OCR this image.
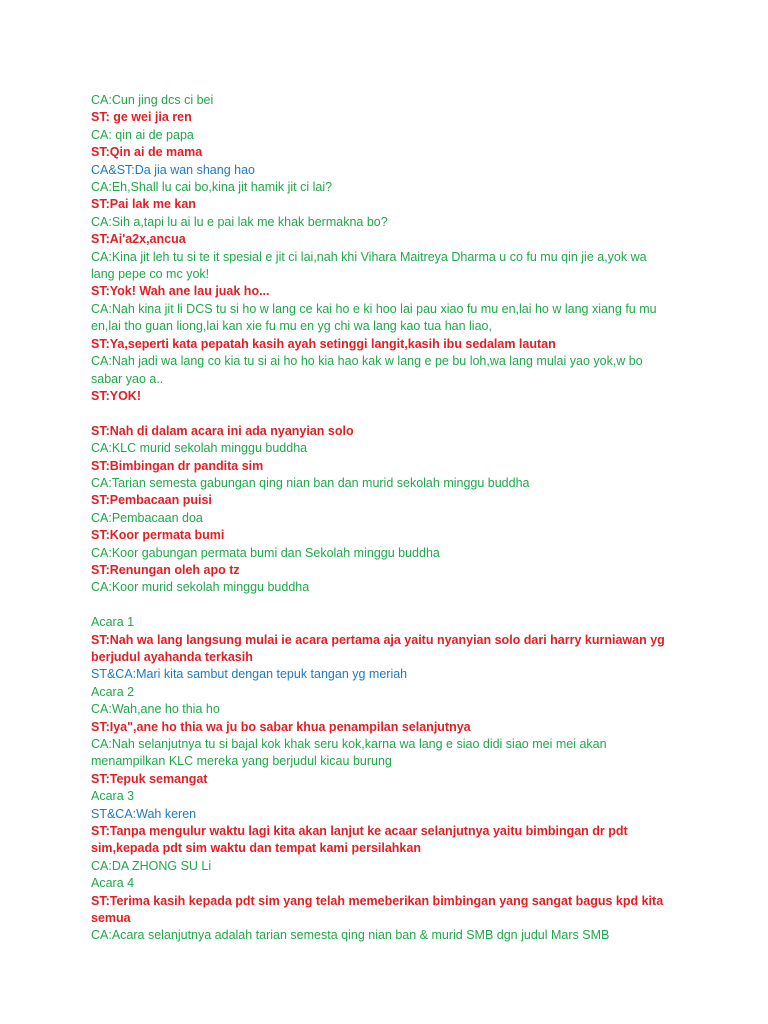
CA:Cun jing dcs ci bei
ST: ge wei jia ren
CA: qin ai de papa
ST:Qin ai de mama
CA&ST:Da jia wan shang hao
CA:Eh,Shall lu cai bo,kina jit hamik jit ci lai?
ST:Pai lak me kan
CA:Sih a,tapi lu ai lu e pai lak me khak bermakna bo?
ST:Ai'a2x,ancua
CA:Kina jit leh tu si te it spesial e jit ci lai,nah khi Vihara Maitreya Dharma u co fu mu qin jie a,yok wa lang pepe co mc yok!
ST:Yok! Wah ane lau juak ho...
CA:Nah kina jit li DCS tu si ho w lang ce kai ho e ki hoo lai pau xiao fu mu en,lai ho w lang xiang fu mu en,lai tho guan liong,lai kan xie fu mu en yg chi wa lang kao tua han liao,
ST:Ya,seperti kata pepatah kasih ayah setinggi langit,kasih ibu sedalam lautan
CA:Nah jadi wa lang co kia tu si ai ho ho kia hao kak w lang e pe bu loh,wa lang mulai yao yok,w bo sabar yao a..
ST:YOK!
ST:Nah di dalam acara ini ada nyanyian solo
CA:KLC murid sekolah minggu buddha
ST:Bimbingan dr pandita sim
CA:Tarian semesta gabungan qing nian ban dan murid sekolah minggu buddha
ST:Pembacaan puisi
CA:Pembacaan doa
ST:Koor permata bumi
CA:Koor gabungan permata bumi dan Sekolah minggu buddha
ST:Renungan oleh apo tz
CA:Koor murid sekolah minggu buddha
Acara 1
ST:Nah wa lang langsung mulai ie acara pertama aja yaitu nyanyian solo dari harry kurniawan yg berjudul ayahanda terkasih
ST&CA:Mari kita sambut dengan tepuk tangan yg meriah
Acara 2
CA:Wah,ane ho thia ho
ST:Iya",ane ho thia wa ju bo sabar khua penampilan selanjutnya
CA:Nah selanjutnya tu si bajal kok khak seru kok,karna wa lang e siao didi siao mei mei akan menampilkan KLC mereka yang berjudul kicau burung
ST:Tepuk semangat
Acara 3
ST&CA:Wah keren
ST:Tanpa mengulur waktu lagi kita akan lanjut ke acaar selanjutnya yaitu bimbingan dr pdt sim,kepada pdt sim waktu dan tempat kami persilahkan
CA:DA ZHONG SU Li
Acara 4
ST:Terima kasih kepada pdt sim yang telah memeberikan bimbingan yang sangat bagus kpd kita semua
CA:Acara selanjutnya adalah tarian semesta qing nian ban & murid SMB dgn judul Mars SMB
